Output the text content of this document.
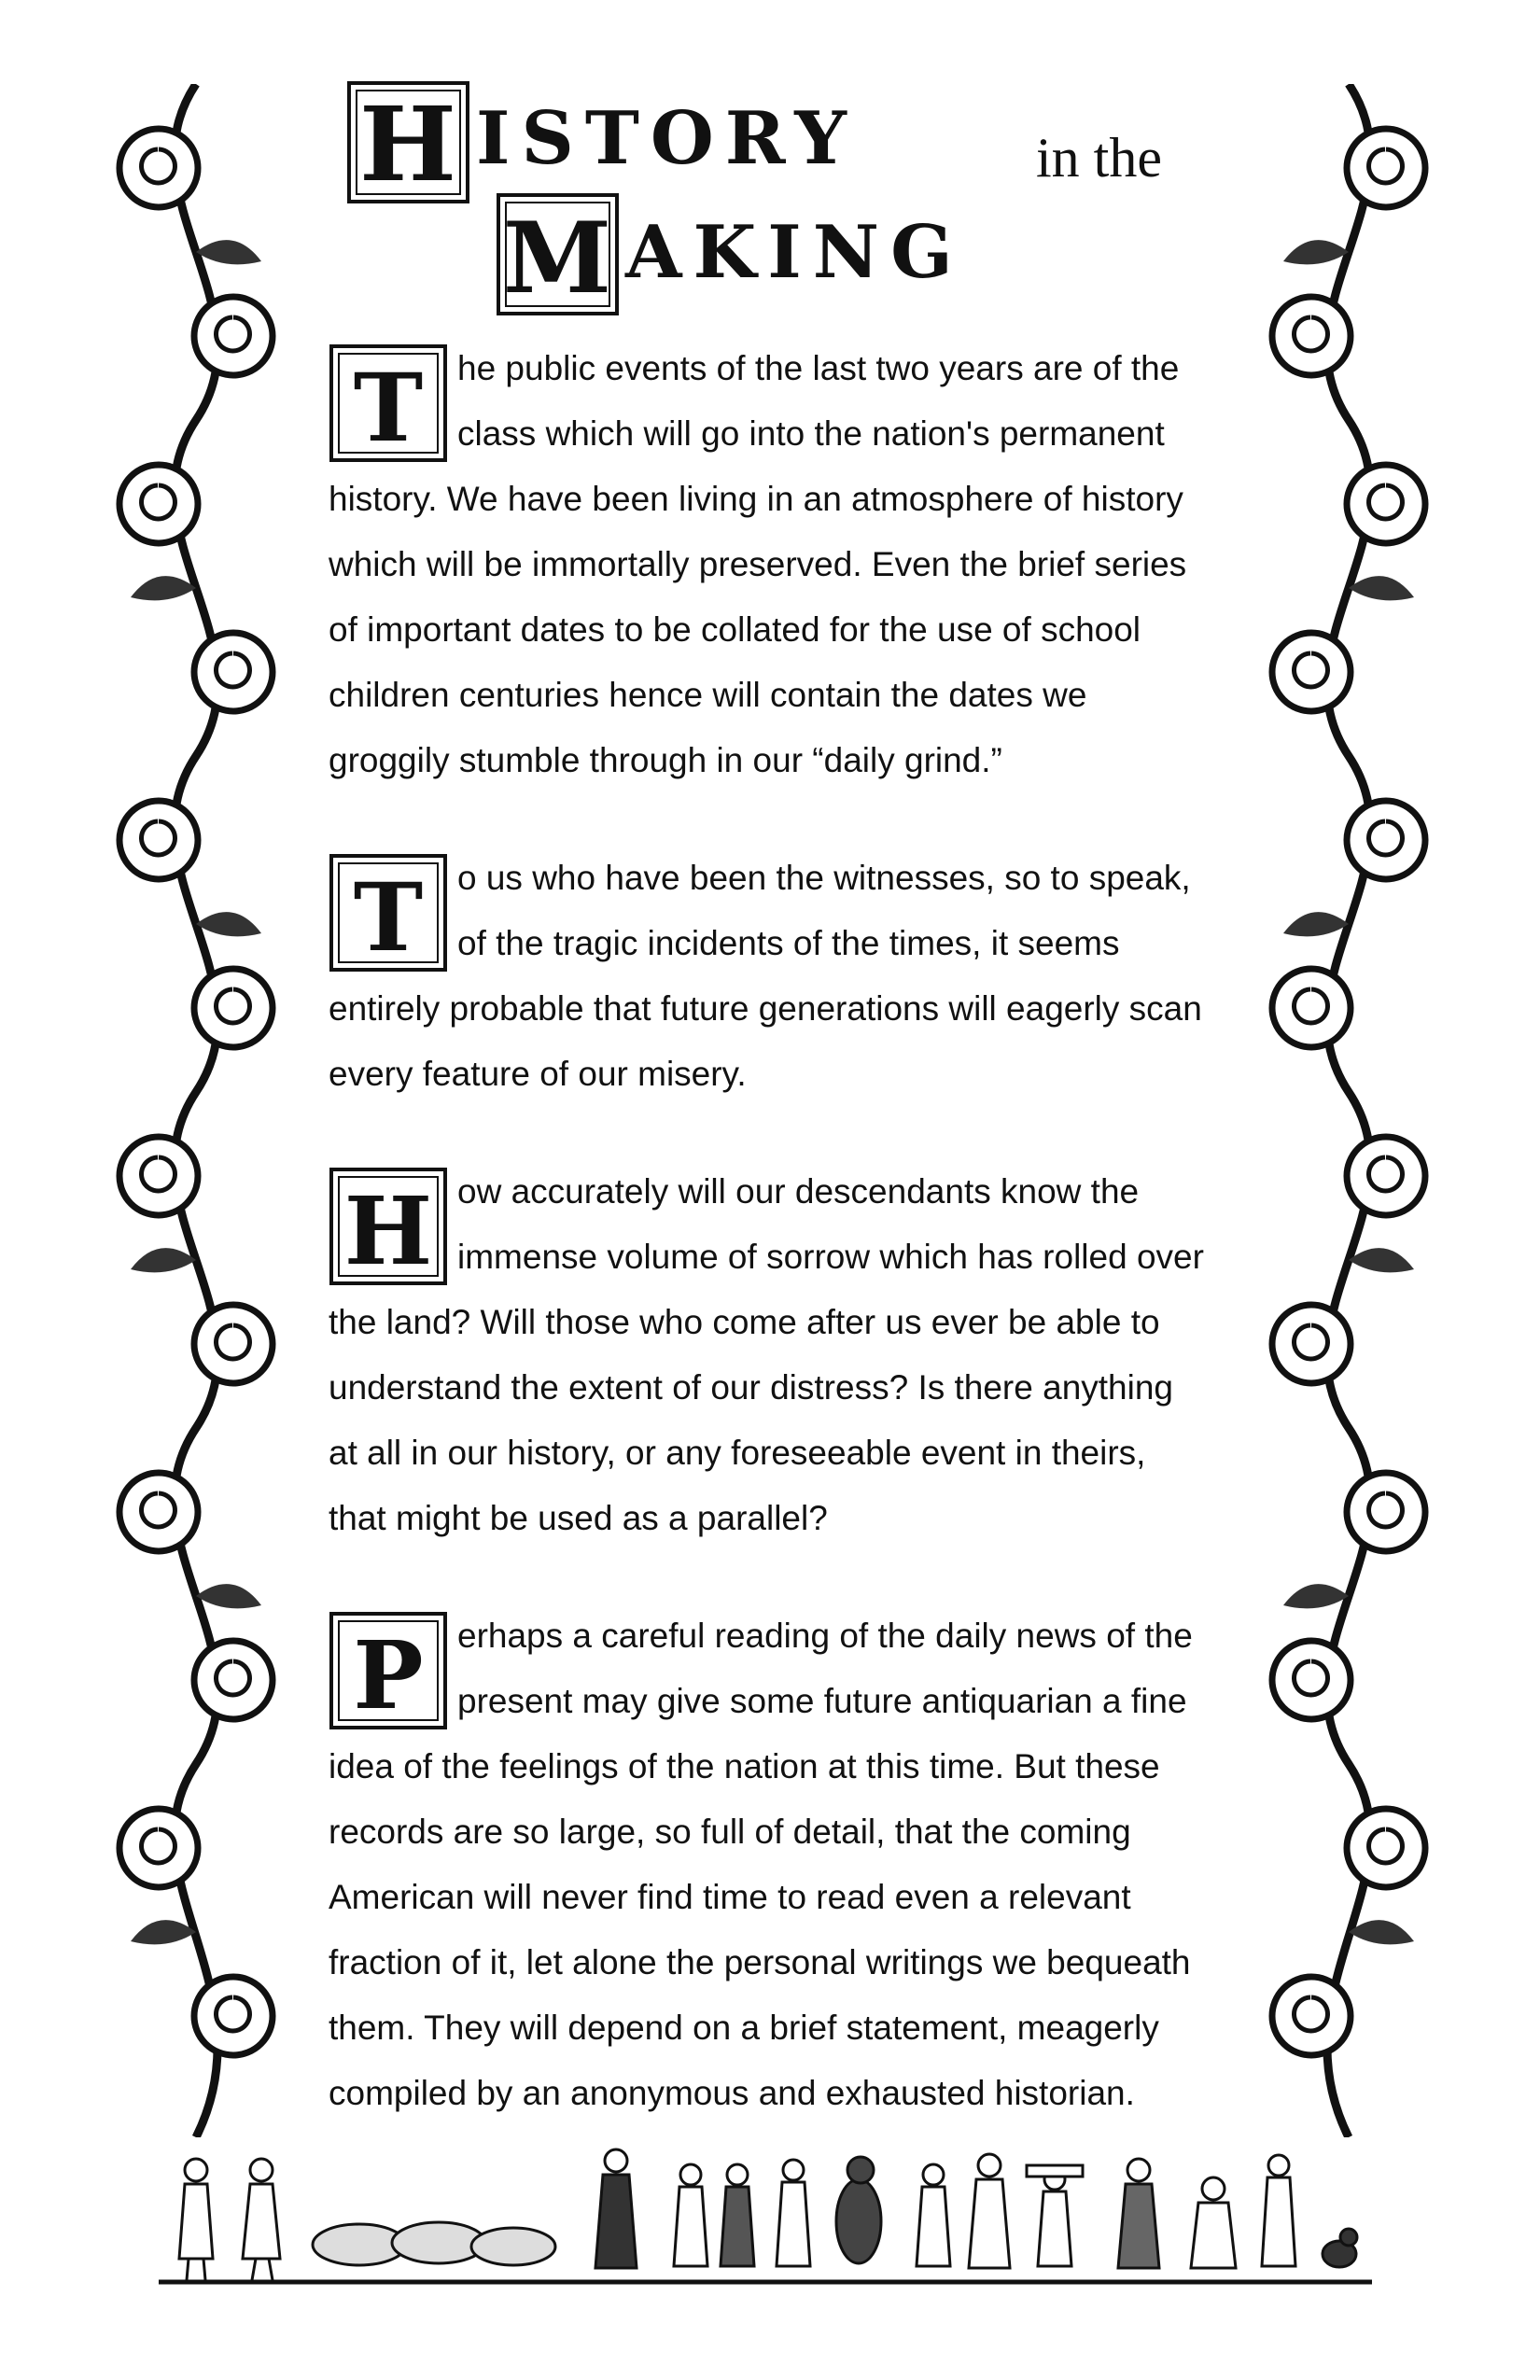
H ISTORY	in the
M AKING
T he public events of the last two years are of the class which will go into the nation's permanent history. We have been living in an atmosphere of history which will be immortally preserved. Even the brief series of important dates to be collated for the use of school children centuries hence will contain the dates we groggily stumble through in our “daily grind.”

T o us who have been the witnesses, so to speak, of the tragic incidents of the times, it seems entirely probable that future generations will eagerly scan every feature of our misery.

H ow accurately will our descendants know the immense volume of sorrow which has rolled over the land? Will those who come after us ever be able to understand the extent of our distress? Is there anything at all in our history, or any foreseeable event in theirs, that might be used as a parallel?

P erhaps a careful reading of the daily news of the present may give some future antiquarian a fine idea of the feelings of the nation at this time. But these records are so large, so full of detail, that the coming American will never find time to read even a relevant fraction of it, let alone the personal writings we bequeath them. They will depend on a brief statement, meagerly compiled by an anonymous and exhausted historian.
